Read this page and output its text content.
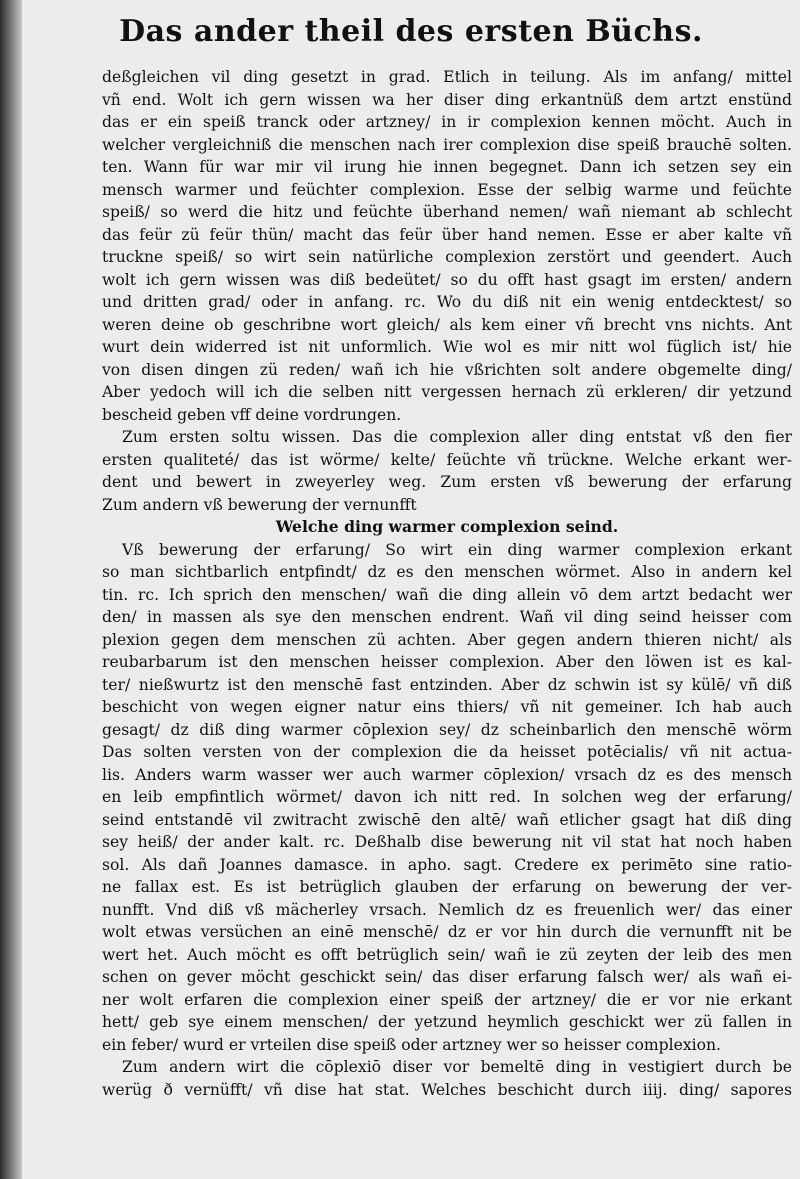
Das ander theil des ersten Büchs.
deßgleichen vil ding gesetzt in grad. Etlich in teilung. Als im anfang/ mittel
vñ end. Wolt ich gern wissen wa her diser ding erkantnüß dem artzt enstünd
das er ein speiß tranck oder artzney/ in ir complexion kennen möcht. Auch in
welcher vergleichniß die menschen nach irer complexion dise speiß brauchē solten.
ten. Wann für war mir vil irung hie innen begegnet. Dann ich setzen sey ein
mensch warmer und feüchter complexion. Esse der selbig warme und feüchte
speiß/ so werd die hitz und feüchte überhand nemen/ wañ niemant ab schlecht
das feür zü feür thün/ macht das feür über hand nemen. Esse er aber kalte vñ
truckne speiß/ so wirt sein natürliche complexion zerstört und geendert. Auch
wolt ich gern wissen was diß bedeütet/ so du offt hast gsagt im ersten/ andern
und dritten grad/ oder in anfang. rc. Wo du diß nit ein wenig entdecktest/ so
weren deine ob geschribne wort gleich/ als kem einer vñ brecht vns nichts. Ant
wurt dein widerred ist nit unformlich. Wie wol es mir nitt wol füglich ist/ hie
von disen dingen zü reden/ wañ ich hie vßrichten solt andere obgemelte ding/
Aber yedoch will ich die selben nitt vergessen hernach zü erkleren/ dir yetzund
bescheid geben vff deine vordrungen.
Zum ersten soltu wissen. Das die complexion aller ding entstat vß den fier
ersten qualiteté/ das ist wörme/ kelte/ feüchte vñ trückne. Welche erkant wer-
dent und bewert in zweyerley weg. Zum ersten vß bewerung der erfarung
Zum andern vß bewerung der vernunfft
Welche ding warmer complexion seind.
Vß bewerung der erfarung/ So wirt ein ding warmer complexion erkant
so man sichtbarlich entpfindt/ dz es den menschen wörmet. Also in andern kel
tin. rc. Ich sprich den menschen/ wañ die ding allein vō dem artzt bedacht wer
den/ in massen als sye den menschen endrent. Wañ vil ding seind heisser com
plexion gegen dem menschen zü achten. Aber gegen andern thieren nicht/ als
reubarbarum ist den menschen heisser complexion. Aber den löwen ist es kal-
ter/ nießwurtz ist den menschē fast entzinden. Aber dz schwin ist sy külē/ vñ diß
beschicht von wegen eigner natur eins thiers/ vñ nit gemeiner. Ich hab auch
gesagt/ dz diß ding warmer cōplexion sey/ dz scheinbarlich den menschē wörm
Das solten versten von der complexion die da heisset potēcialis/ vñ nit actua-
lis. Anders warm wasser wer auch warmer cōplexion/ vrsach dz es des mensch
en leib empfintlich wörmet/ davon ich nitt red. In solchen weg der erfarung/
seind entstandē vil zwitracht zwischē den altē/ wañ etlicher gsagt hat diß ding
sey heiß/ der ander kalt. rc. Deßhalb dise bewerung nit vil stat hat noch haben
sol. Als dañ Joannes damasce. in apho. sagt. Credere ex perimēto sine ratio-
ne fallax est. Es ist betrüglich glauben der erfarung on bewerung der ver-
nunfft. Vnd diß vß mächerley vrsach. Nemlich dz es freuenlich wer/ das einer
wolt etwas versüchen an einē menschē/ dz er vor hin durch die vernunfft nit be
wert het. Auch möcht es offt betrüglich sein/ wañ ie zü zeyten der leib des men
schen on gever möcht geschickt sein/ das diser erfarung falsch wer/ als wañ ei-
ner wolt erfaren die complexion einer speiß der artzney/ die er vor nie erkant
hett/ geb sye einem menschen/ der yetzund heymlich geschickt wer zü fallen in
ein feber/ wurd er vrteilen dise speiß oder artzney wer so heisser complexion.
Zum andern wirt die cōplexiō diser vor bemeltē ding in vestigiert durch be
werüg ð vernüfft/ vñ dise hat stat. Welches beschicht durch iiij. ding/ sapores
